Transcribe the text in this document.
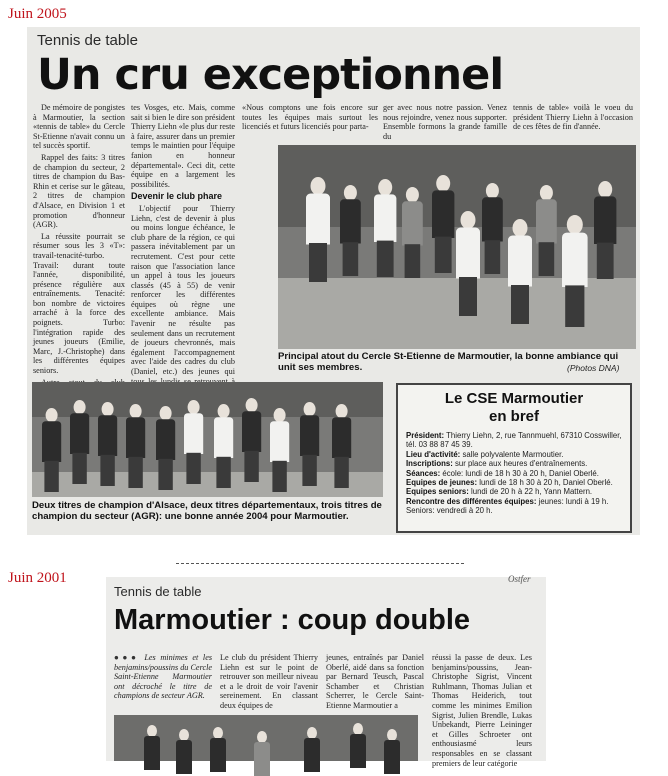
Juin 2005
Tennis de table
Un cru exceptionnel

De mémoire de pongistes à Marmoutier, la section «tennis de table» du Cercle St-Etienne n'avait connu un tel succès sportif.

Rappel des faits: 3 titres de champion du secteur, 2 titres de champion du Bas-Rhin et cerise sur le gâteau, 2 titres de champion d'Alsace, en Division 1 et promotion d'honneur (AGR).

La réussite pourrait se résumer sous les 3 «T»: travail-tenacité-turbo. Travail: durant toute l'année, disponibilité, présence régulière aux entraînements. Tenacité: bon nombre de victoires arraché à la force des poignets. Turbo: l'intégration rapide des jeunes joueurs (Emilie, Marc, J.-Christophe) dans les différentes équipes seniors.

tes Vosges, etc. Mais, comme sait si bien le dire son président Thierry Liehn «le plus dur reste à faire, assurer dans un premier temps le maintien pour l'équipe fanion en honneur départemental». Ceci dit, cette équipe en a largement les possibilités.

Devenir le club phare

L'objectif pour Thierry Liehn, c'est de devenir à plus ou moins longue échéance, le club phare de la région, ce qui passera inévitablement par un recrutement. C'est pour cette raison que l'association lance un appel à tous les joueurs classés (45 à 55) de venir renforcer les différentes équipes où règne une excellente ambiance. Mais l'avenir ne résulte pas seulement dans un recrutement de joueurs chevronnés, mais également l'accompagnement avec l'aide des cadres du club (Daniel, etc.) des jeunes qui

«Nous comptons une fois encore sur toutes les équipes mais surtout les licenciés et futurs licenciés pour parta-
ger avec nous notre passion. Venez nous rejoindre, venez nous supporter. Ensemble formons la grande famille du
tennis de table» voilà le voeu du président Thierry Liehn à l'occasion de ces fêtes de fin d'année.
Principal atout du Cercle St-Etienne de Marmoutier, la bonne ambiance qui unit ses membres.	(Photos DNA)
Deux titres de champion d'Alsace, deux titres départementaux, trois titres de champion du secteur (AGR): une bonne année 2004 pour Marmoutier.
Le CSE Marmoutier
en bref
Président: Thierry Liehn, 2, rue Tannmuehl, 67310 Cosswiller, tél. 03 88 87 45 39.
Lieu d'activité: salle polyvalente Marmoutier.
Inscriptions: sur place aux heures d'entraînements.
Séances: école: lundi de 18 h 30 à 20 h, Daniel Oberlé.
Equipes de jeunes: lundi de 18 h 30 à 20 h, Daniel Oberlé.
Equipes seniors: lundi de 20 h à 22 h, Yann Mattern.
Rencontre des différentes équipes: jeunes: lundi à 19 h. Seniors: vendredi à 20 h.
Juin 2001	Ostfer
Tennis de table
Marmoutier : coup double
●●● Les minimes et les benjamins/poussins du Cercle Saint-Etienne Marmoutier ont décroché le titre de champions de secteur AGR.
Le club du président Thierry Liehn est sur le point de retrouver son meilleur niveau et a le droit de voir l'avenir sereinement. En classant deux équipes de
jeunes, entraînés par Daniel Oberlé, aidé dans sa fonction par Bernard Teusch, Pascal Schamber et Christian Scherrer, le Cercle Saint-Etienne Marmoutier a
réussi la passe de deux. Les benjamins/poussins, Jean-Christophe Sigrist, Vincent Ruhlmann, Thomas Julian et Thomas Heiderich, tout comme les minimes Emilion Sigrist, Julien Brendle, Lukas Unbekandt, Pierre Leininger et Gilles Schroeter ont enthousiasmé leurs responsables en se classant premiers de leur catégorie
